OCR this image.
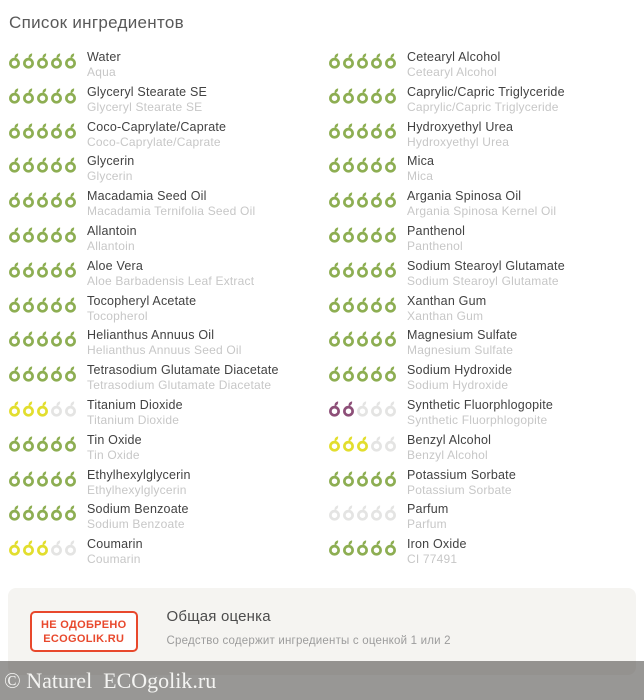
Список ингредиентов
Water
Aqua
Glyceryl Stearate SE
Glyceryl Stearate SE
Coco-Caprylate/Caprate
Coco-Caprylate/Caprate
Glycerin
Glycerin
Macadamia Seed Oil
Macadamia Ternifolia Seed Oil
Allantoin
Allantoin
Aloe Vera
Aloe Barbadensis Leaf Extract
Tocopheryl Acetate
Tocopherol
Helianthus Annuus Oil
Helianthus Annuus Seed Oil
Tetrasodium Glutamate Diacetate
Tetrasodium Glutamate Diacetate
Titanium Dioxide
Titanium Dioxide
Tin Oxide
Tin Oxide
Ethylhexylglycerin
Ethylhexylglycerin
Sodium Benzoate
Sodium Benzoate
Coumarin
Coumarin
Cetearyl Alcohol
Cetearyl Alcohol
Caprylic/Capric Triglyceride
Caprylic/Capric Triglyceride
Hydroxyethyl Urea
Hydroxyethyl Urea
Mica
Mica
Argania Spinosa Oil
Argania Spinosa Kernel Oil
Panthenol
Panthenol
Sodium Stearoyl Glutamate
Sodium Stearoyl Glutamate
Xanthan Gum
Xanthan Gum
Magnesium Sulfate
Magnesium Sulfate
Sodium Hydroxide
Sodium Hydroxide
Synthetic Fluorphlogopite
Synthetic Fluorphlogopite
Benzyl Alcohol
Benzyl Alcohol
Potassium Sorbate
Potassium Sorbate
Parfum
Parfum
Iron Oxide
CI 77491
НЕ ОДОБРЕНО
ECOGOLIK.RU
Общая оценка
Средство содержит ингредиенты с оценкой 1 или 2
© Naturel  ECOgolik.ru
